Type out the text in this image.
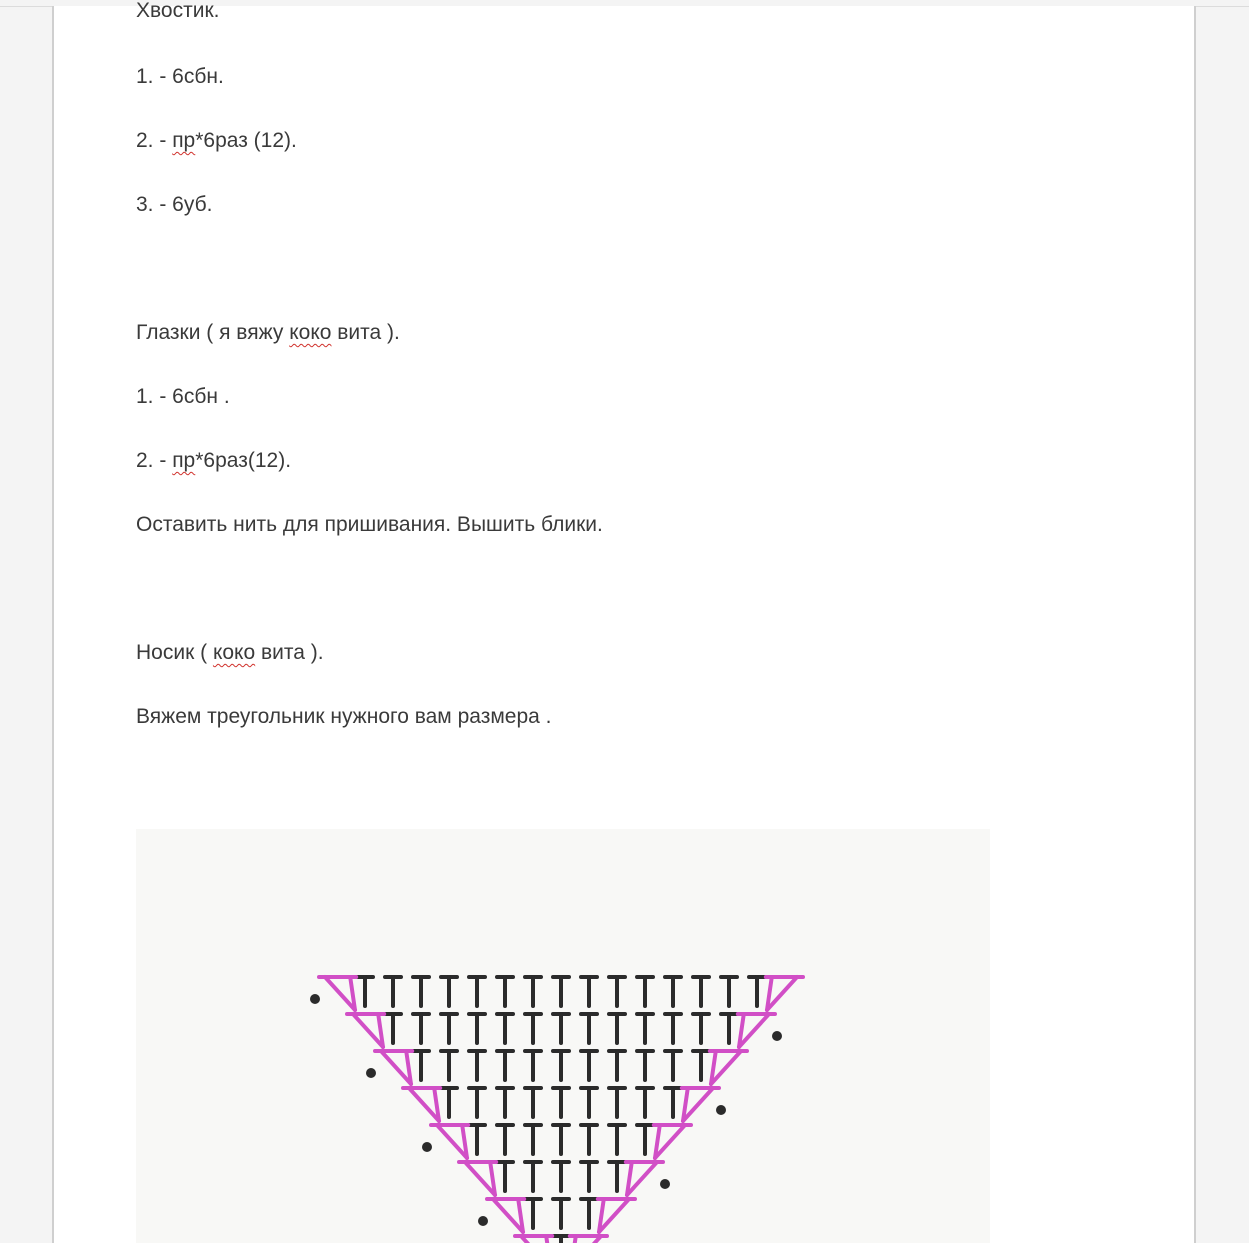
Хвостик.
1. - 6сбн.
2. - пр*6раз (12).
3. - 6уб.
Глазки ( я вяжу коко вита ).
1. - 6сбн .
2. - пр*6раз(12).
Оставить нить для пришивания. Вышить блики.
Носик ( коко вита ).
Вяжем треугольник нужного вам размера .
